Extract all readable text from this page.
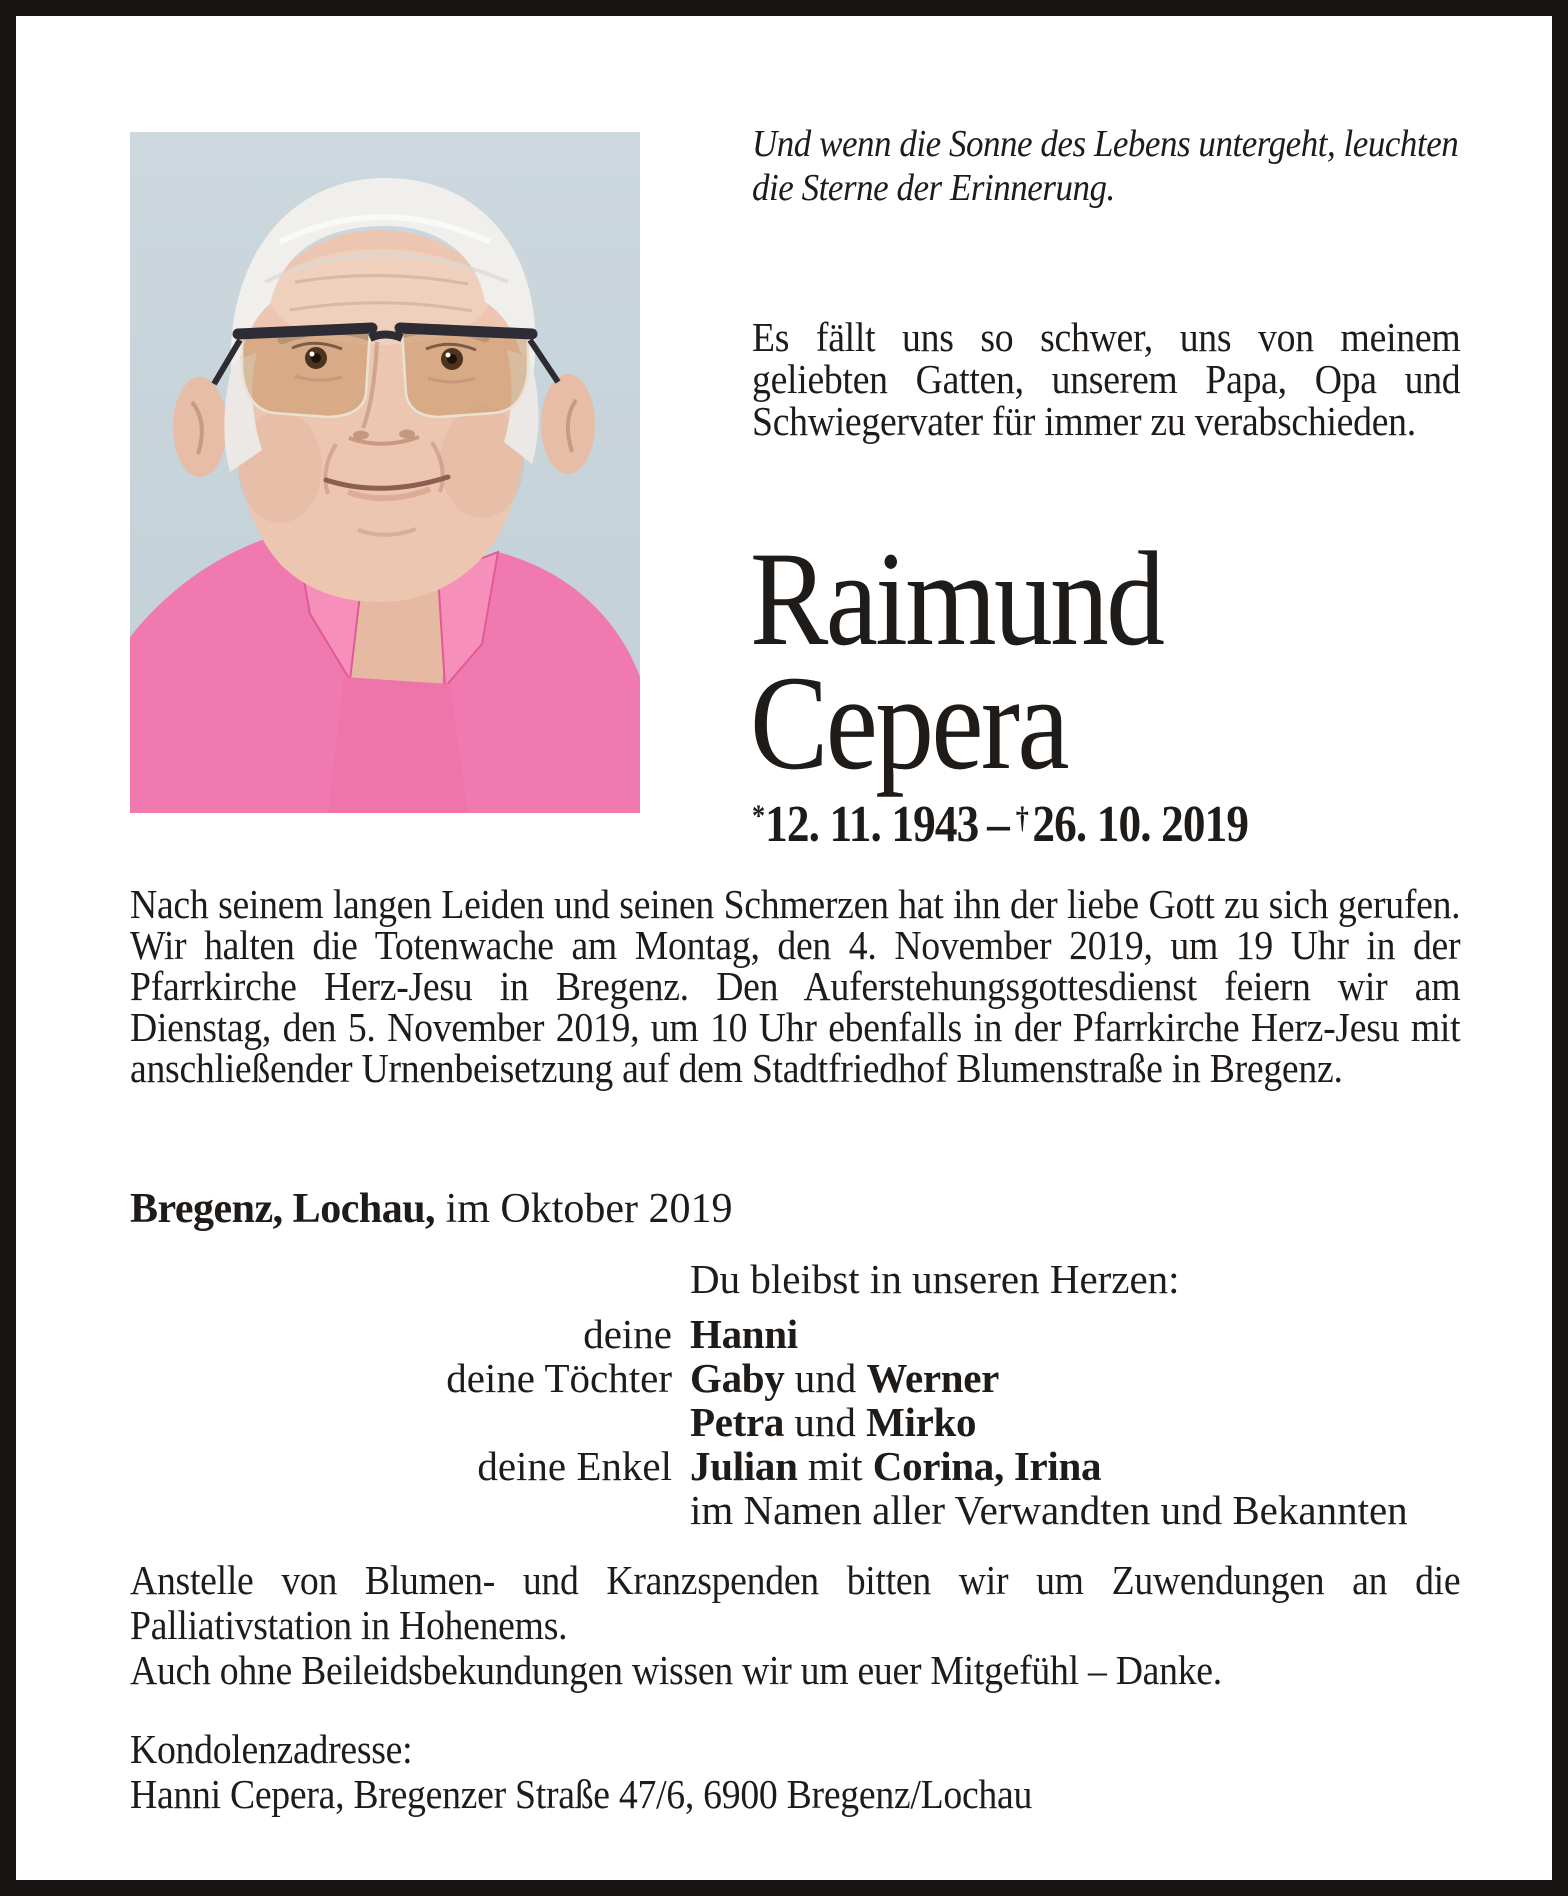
Und wenn die Sonne des Lebens untergeht, leuchten die Sterne der Erinnerung.
Es fällt uns so schwer, uns von meinem geliebten Gatten, unserem Papa, Opa und Schwiegervater für immer zu verabschieden.
Raimund
Cepera
*12. 11. 1943 – †26. 10. 2019
Nach seinem langen Leiden und seinen Schmerzen hat ihn der liebe Gott zu sich gerufen. Wir halten die Totenwache am Montag, den 4. November 2019, um 19 Uhr in der Pfarrkirche Herz-Jesu in Bregenz. Den Auferstehungsgottesdienst feiern wir am Dienstag, den 5. November 2019, um 10 Uhr ebenfalls in der Pfarrkirche Herz-Jesu mit anschließender Urnenbeisetzung auf dem Stadtfriedhof Blumenstraße in Bregenz.
Bregenz, Lochau, im Oktober 2019
Du bleibst in unseren Herzen:
deine Hanni
deine Töchter Gaby und Werner
Petra und Mirko
deine Enkel Julian mit Corina, Irina
im Namen aller Verwandten und Bekannten

Anstelle von Blumen- und Kranzspenden bitten wir um Zuwendungen an die Palliativstation in Hohenems.

Auch ohne Beileidsbekundungen wissen wir um euer Mitgefühl – Danke.

Kondolenzadresse:

Hanni Cepera, Bregenzer Straße 47/6, 6900 Bregenz/Lochau
